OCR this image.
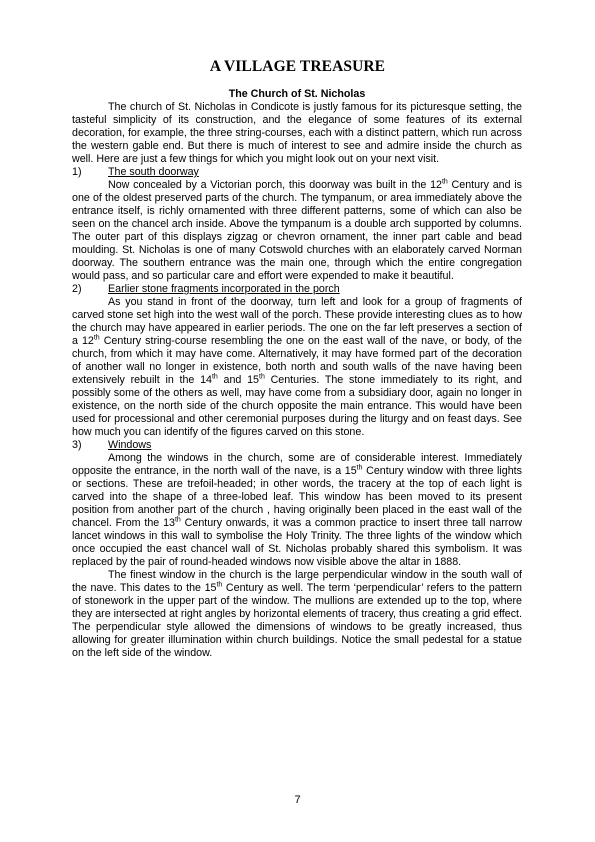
A VILLAGE TREASURE

The Church of St. Nicholas

The church of St. Nicholas in Condicote is justly famous for its picturesque setting, the tasteful simplicity of its construction, and the elegance of some features of its external decoration, for example, the three string-courses, each with a distinct pattern, which run across the western gable end. But there is much of interest to see and admire inside the church as well. Here are just a few things for which you might look out on your next visit.

1)	The south doorway

Now concealed by a Victorian porch, this doorway was built in the 12th Century and is one of the oldest preserved parts of the church. The tympanum, or area immediately above the entrance itself, is richly ornamented with three different patterns, some of which can also be seen on the chancel arch inside. Above the tympanum is a double arch supported by columns. The outer part of this displays zigzag or chevron ornament, the inner part cable and bead moulding. St. Nicholas is one of many Cotswold churches with an elaborately carved Norman doorway. The southern entrance was the main one, through which the entire congregation would pass, and so particular care and effort were expended to make it beautiful.

2)	Earlier stone fragments incorporated in the porch

As you stand in front of the doorway, turn left and look for a group of fragments of carved stone set high into the west wall of the porch. These provide interesting clues as to how the church may have appeared in earlier periods. The one on the far left preserves a section of a 12th Century string-course resembling the one on the east wall of the nave, or body, of the church, from which it may have come. Alternatively, it may have formed part of the decoration of another wall no longer in existence, both north and south walls of the nave having been extensively rebuilt in the 14th and 15th Centuries. The stone immediately to its right, and possibly some of the others as well, may have come from a subsidiary door, again no longer in existence, on the north side of the church opposite the main entrance. This would have been used for processional and other ceremonial purposes during the liturgy and on feast days. See how much you can identify of the figures carved on this stone.

3)	Windows

Among the windows in the church, some are of considerable interest. Immediately opposite the entrance, in the north wall of the nave, is a 15th Century window with three lights or sections. These are trefoil-headed; in other words, the tracery at the top of each light is carved into the shape of a three-lobed leaf. This window has been moved to its present position from another part of the church , having originally been placed in the east wall of the chancel. From the 13th Century onwards, it was a common practice to insert three tall narrow lancet windows in this wall to symbolise the Holy Trinity. The three lights of the window which once occupied the east chancel wall of St. Nicholas probably shared this symbolism. It was replaced by the pair of round-headed windows now visible above the altar in 1888.

The finest window in the church is the large perpendicular window in the south wall of the nave. This dates to the 15th Century as well. The term ‘perpendicular’ refers to the pattern of stonework in the upper part of the window. The mullions are extended up to the top, where they are intersected at right angles by horizontal elements of tracery, thus creating a grid effect. The perpendicular style allowed the dimensions of windows to be greatly increased, thus allowing for greater illumination within church buildings. Notice the small pedestal for a statue on the left side of the window.

7
